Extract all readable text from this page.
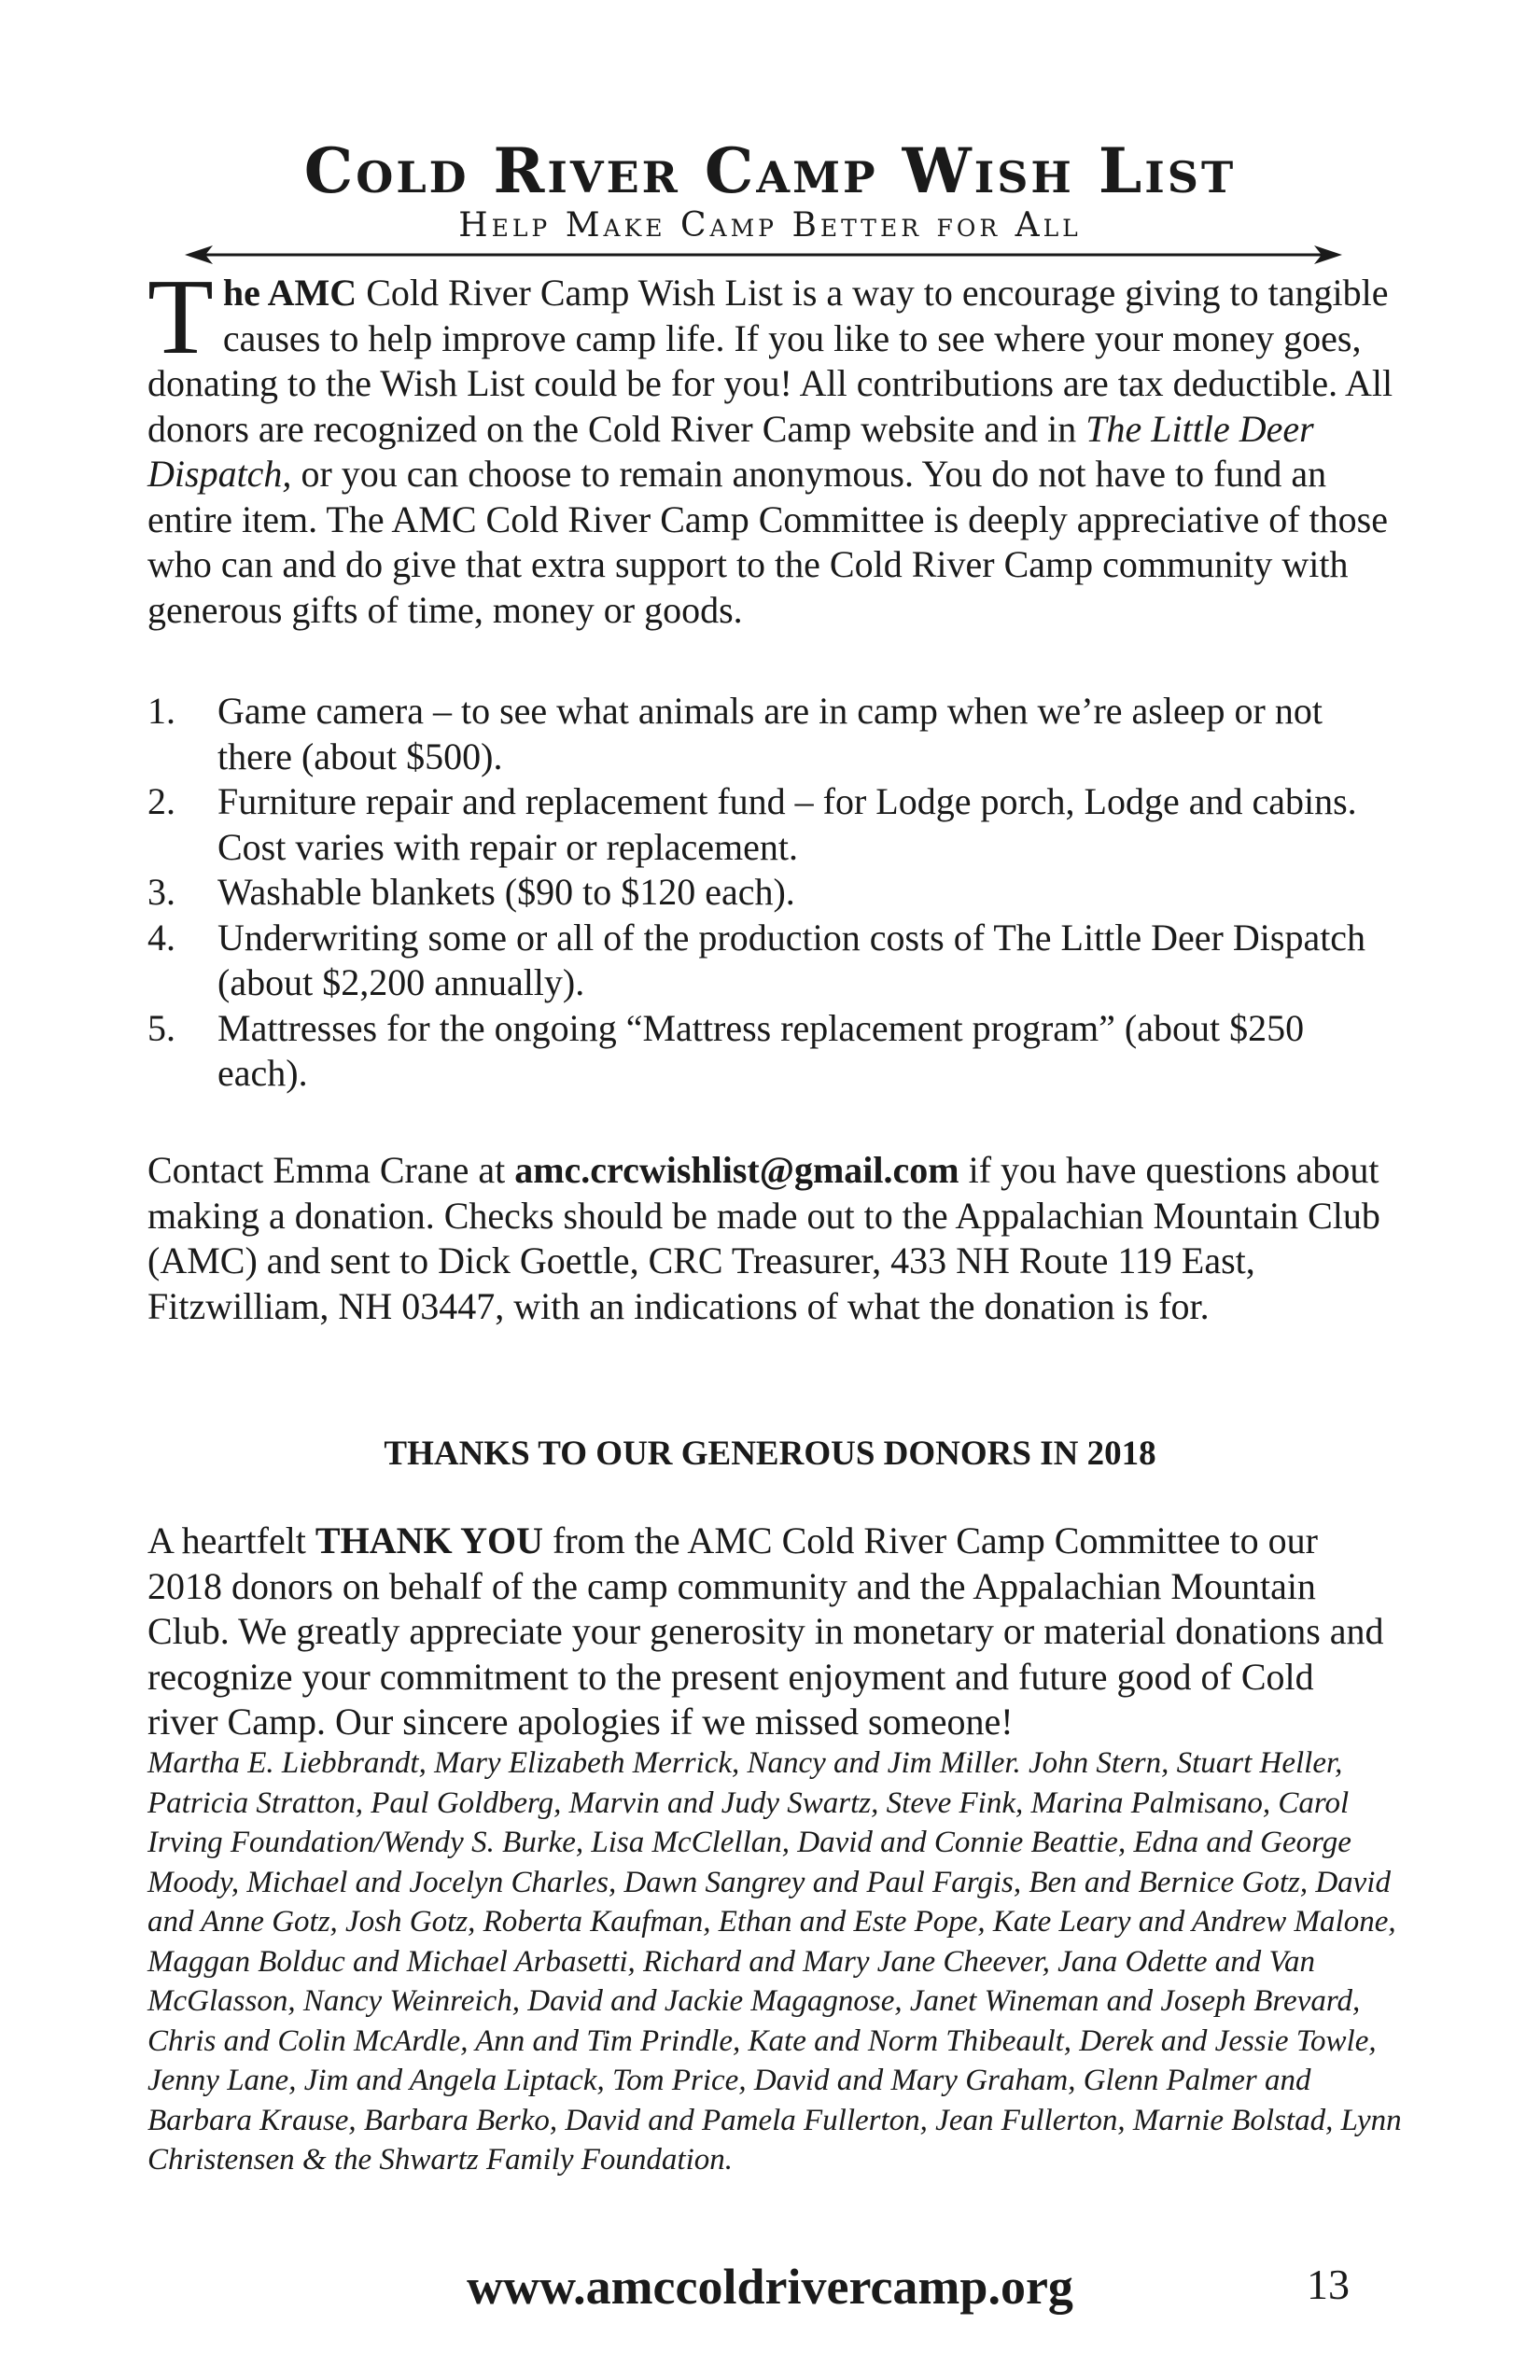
Cold River Camp Wish List
Help Make Camp Better for All
The AMC Cold River Camp Wish List is a way to encourage giving to tangible causes to help improve camp life. If you like to see where your money goes, donating to the Wish List could be for you! All contributions are tax deductible. All donors are recognized on the Cold River Camp website and in The Little Deer Dispatch, or you can choose to remain anonymous. You do not have to fund an entire item. The AMC Cold River Camp Committee is deeply appreciative of those who can and do give that extra support to the Cold River Camp community with generous gifts of time, money or goods.
1. Game camera – to see what animals are in camp when we’re asleep or not there (about $500).
2. Furniture repair and replacement fund – for Lodge porch, Lodge and cabins. Cost varies with repair or replacement.
3. Washable blankets ($90 to $120 each).
4. Underwriting some or all of the production costs of The Little Deer Dispatch (about $2,200 annually).
5. Mattresses for the ongoing “Mattress replacement program” (about $250 each).
Contact Emma Crane at amc.crcwishlist@gmail.com if you have questions about making a donation. Checks should be made out to the Appalachian Mountain Club (AMC) and sent to Dick Goettle, CRC Treasurer, 433 NH Route 119 East, Fitzwilliam, NH 03447, with an indications of what the donation is for.
THANKS TO OUR GENEROUS DONORS IN 2018
A heartfelt THANK YOU from the AMC Cold River Camp Committee to our 2018 donors on behalf of the camp community and the Appalachian Mountain Club. We greatly appreciate your generosity in monetary or material donations and recognize your commitment to the present enjoyment and future good of Cold river Camp. Our sincere apologies if we missed someone!
Martha E. Liebbrandt, Mary Elizabeth Merrick, Nancy and Jim Miller. John Stern, Stuart Heller, Patricia Stratton, Paul Goldberg, Marvin and Judy Swartz, Steve Fink, Marina Palmisano, Carol Irving Foundation/Wendy S. Burke, Lisa McClellan, David and Connie Beattie, Edna and George Moody, Michael and Jocelyn Charles, Dawn Sangrey and Paul Fargis, Ben and Bernice Gotz, David and Anne Gotz, Josh Gotz, Roberta Kaufman, Ethan and Este Pope, Kate Leary and Andrew Malone, Maggan Bolduc and Michael Arbasetti, Richard and Mary Jane Cheever, Jana Odette and Van McGlasson, Nancy Weinreich, David and Jackie Magagnose, Janet Wineman and Joseph Brevard, Chris and Colin McArdle, Ann and Tim Prindle, Kate and Norm Thibeault, Derek and Jessie Towle, Jenny Lane, Jim and Angela Liptack, Tom Price, David and Mary Graham, Glenn Palmer and Barbara Krause, Barbara Berko, David and Pamela Fullerton, Jean Fullerton, Marnie Bolstad, Lynn Christensen & the Shwartz Family Foundation.
www.amccoldrivercamp.org	13
